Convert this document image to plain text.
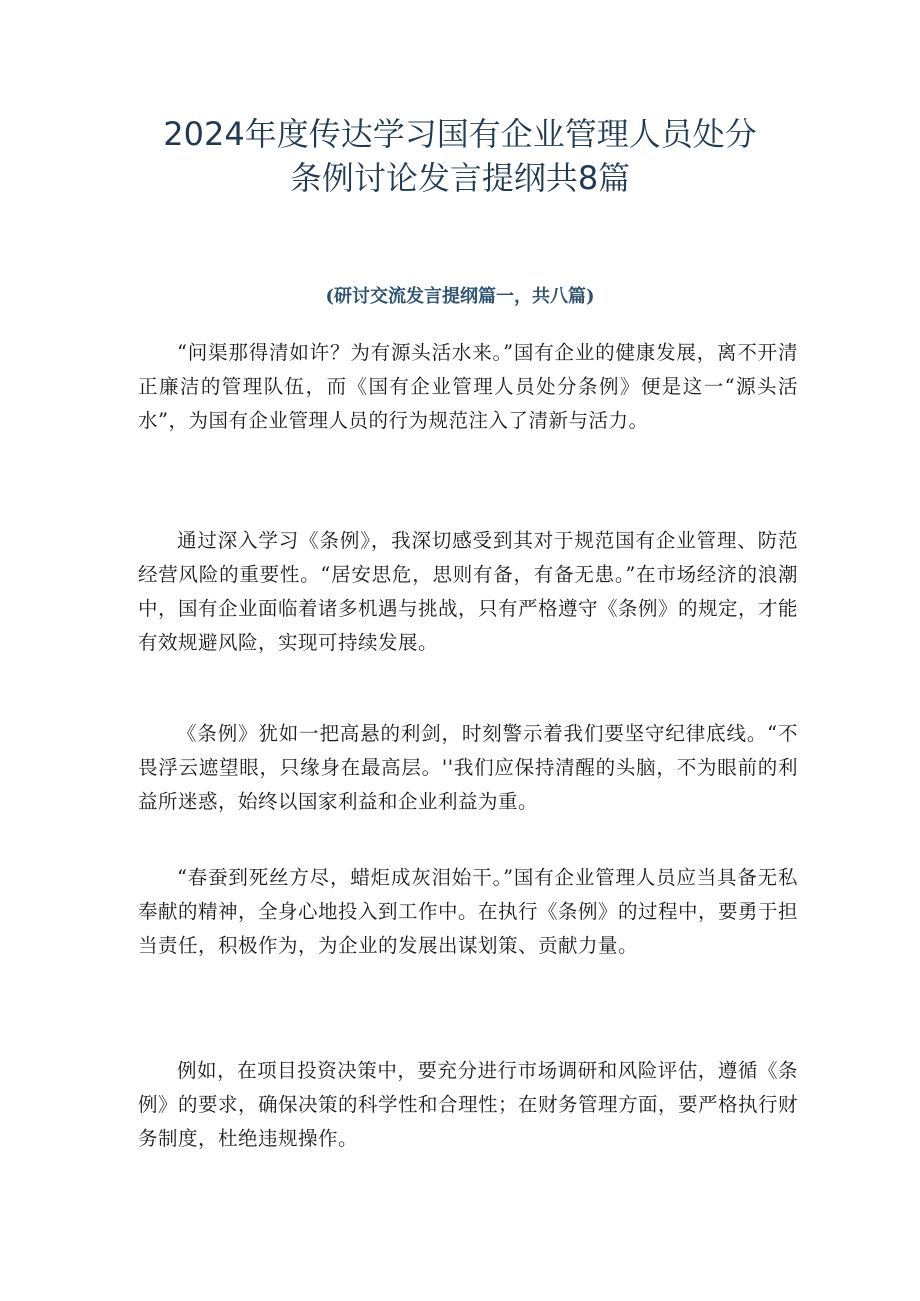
2024年度传达学习国有企业管理人员处分
条例讨论发言提纲共8篇
(研讨交流发言提纲篇一，共八篇)

“问渠那得清如许？为有源头活水来。”国有企业的健康发展，离不开清正廉洁的管理队伍，而《国有企业管理人员处分条例》便是这一“源头活水”，为国有企业管理人员的行为规范注入了清新与活力。

通过深入学习《条例》，我深切感受到其对于规范国有企业管理、防范经营风险的重要性。“居安思危，思则有备，有备无患。”在市场经济的浪潮中，国有企业面临着诸多机遇与挑战，只有严格遵守《条例》的规定，才能有效规避风险，实现可持续发展。

《条例》犹如一把高悬的利剑，时刻警示着我们要坚守纪律底线。“不畏浮云遮望眼，只缘身在最高层。''我们应保持清醒的头脑，不为眼前的利益所迷惑，始终以国家利益和企业利益为重。

“春蚕到死丝方尽，蜡炬成灰泪始干。”国有企业管理人员应当具备无私奉献的精神，全身心地投入到工作中。在执行《条例》的过程中，要勇于担当责任，积极作为，为企业的发展出谋划策、贡献力量。

例如，在项目投资决策中，要充分进行市场调研和风险评估，遵循《条例》的要求，确保决策的科学性和合理性；在财务管理方面，要严格执行财务制度，杜绝违规操作。
